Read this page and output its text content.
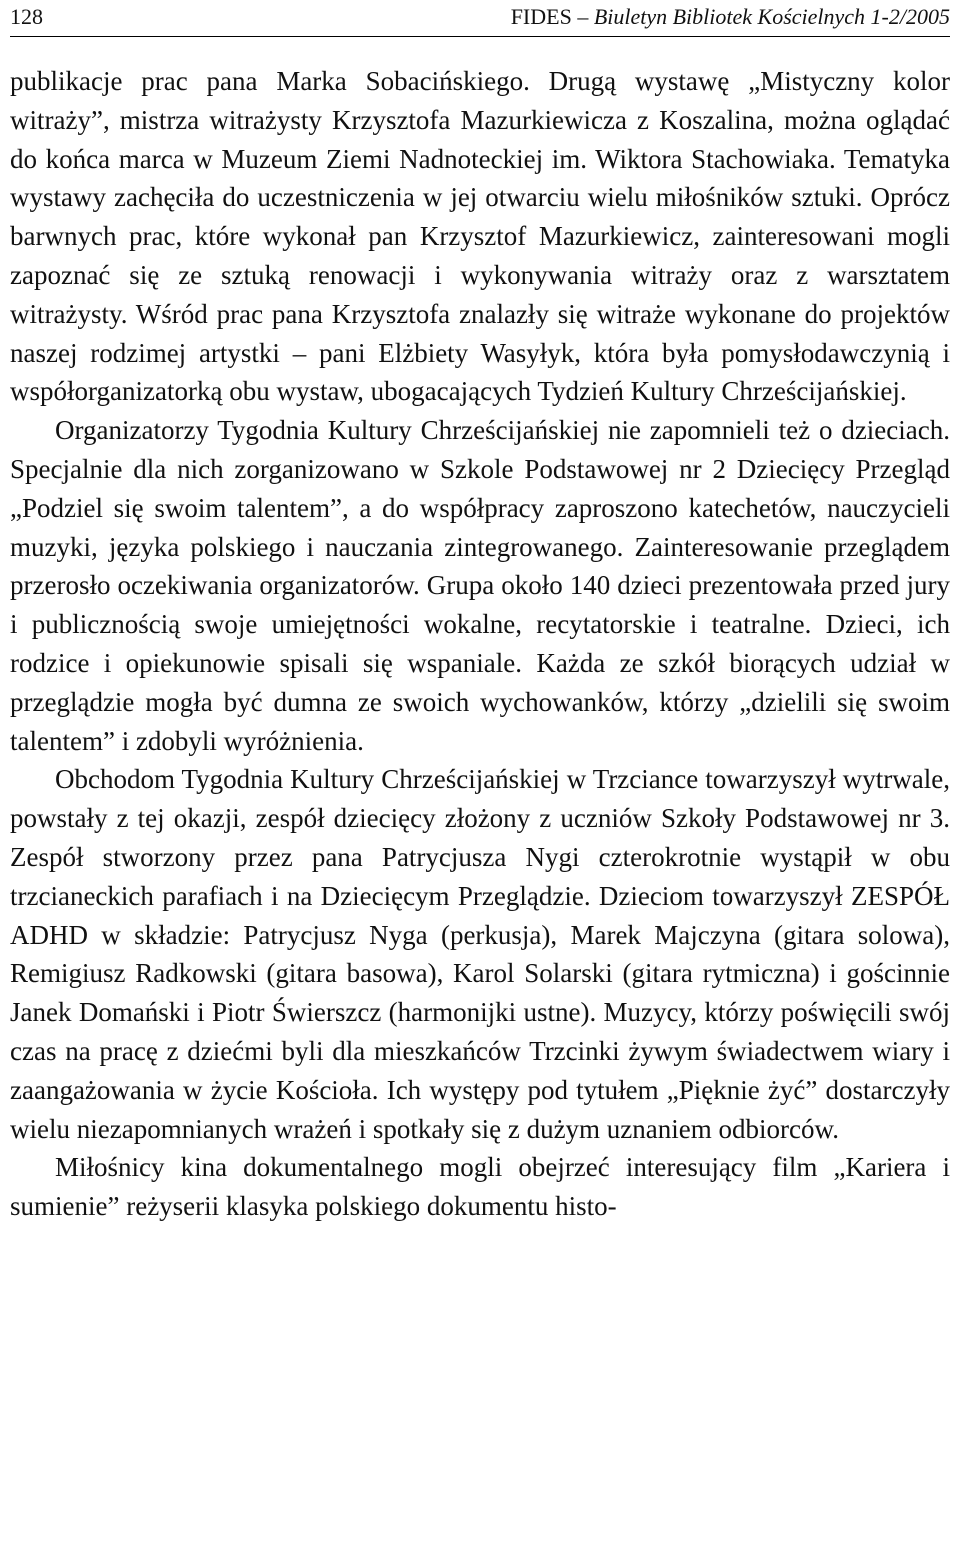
128	FIDES – Biuletyn Bibliotek Kościelnych 1-2/2005

publikacje prac pana Marka Sobacińskiego. Drugą wystawę „Mistyczny kolor witraży”, mistrza witrażysty Krzysztofa Mazurkiewicza z Koszalina, można oglądać do końca marca w Muzeum Ziemi Nadnoteckiej im. Wiktora Stachowiaka. Tematyka wystawy zachęciła do uczestniczenia w jej otwarciu wielu miłośników sztuki. Oprócz barwnych prac, które wykonał pan Krzysztof Mazurkiewicz, zainteresowani mogli zapoznać się ze sztuką renowacji i wykonywania witraży oraz z warsztatem witrażysty. Wśród prac pana Krzysztofa znalazły się witraże wykonane do projektów naszej rodzimej artystki – pani Elżbiety Wasyłyk, która była pomysłodawczynią i współorganizatorką obu wystaw, ubogacających Tydzień Kultury Chrześcijańskiej.

Organizatorzy Tygodnia Kultury Chrześcijańskiej nie zapomnieli też o dzieciach. Specjalnie dla nich zorganizowano w Szkole Podstawowej nr 2 Dziecięcy Przegląd „Podziel się swoim talentem”, a do współpracy zaproszono katechetów, nauczycieli muzyki, języka polskiego i nauczania zintegrowanego. Zainteresowanie przeglądem przerosło oczekiwania organizatorów. Grupa około 140 dzieci prezentowała przed jury i publicznością swoje umiejętności wokalne, recytatorskie i teatralne. Dzieci, ich rodzice i opiekunowie spisali się wspaniale. Każda ze szkół biorących udział w przeglądzie mogła być dumna ze swoich wychowanków, którzy „dzielili się swoim talentem” i zdobyli wyróżnienia.

Obchodom Tygodnia Kultury Chrześcijańskiej w Trzciance towarzyszył wytrwale, powstały z tej okazji, zespół dziecięcy złożony z uczniów Szkoły Podstawowej nr 3. Zespół stworzony przez pana Patrycjusza Nygi czterokrotnie wystąpił w obu trzcianeckich parafiach i na Dziecięcym Przeglądzie. Dzieciom towarzyszył ZESPÓŁ ADHD w składzie: Patrycjusz Nyga (perkusja), Marek Majczyna (gitara solowa), Remigiusz Radkowski (gitara basowa), Karol Solarski (gitara rytmiczna) i gościnnie Janek Domański i Piotr Świerszcz (harmonijki ustne). Muzycy, którzy poświęcili swój czas na pracę z dziećmi byli dla mieszkańców Trzcinki żywym świadectwem wiary i zaangażowania w życie Kościoła. Ich występy pod tytułem „Pięknie żyć” dostarczyły wielu niezapomnianych wrażeń i spotkały się z dużym uznaniem odbiorców.

Miłośnicy kina dokumentalnego mogli obejrzeć interesujący film „Kariera i sumienie” reżyserii klasyka polskiego dokumentu histo-
